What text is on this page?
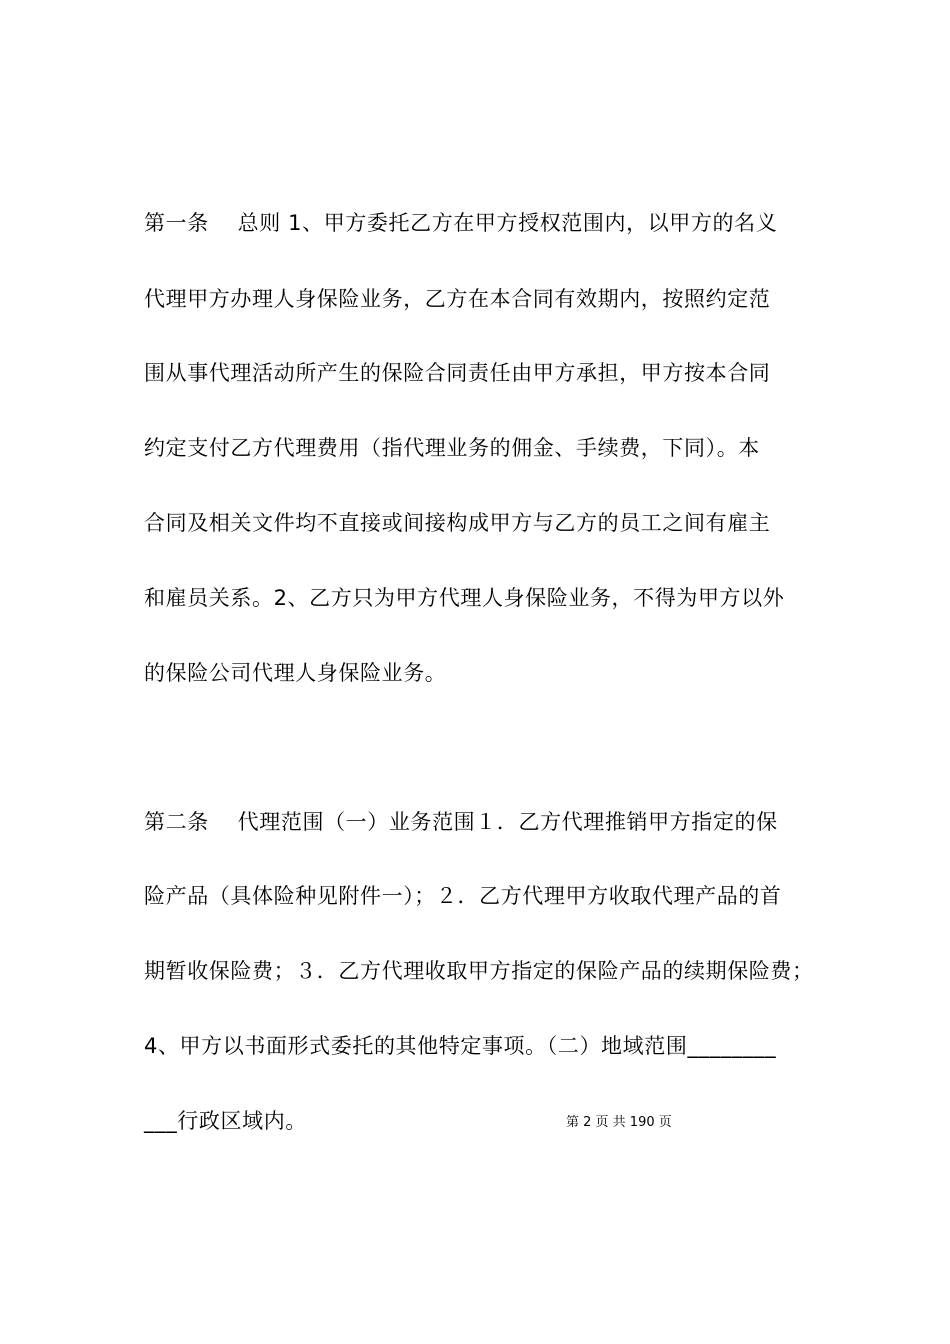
第一条　 总则 1、甲方委托乙方在甲方授权范围内，以甲方的名义
代理甲方办理人身保险业务，乙方在本合同有效期内，按照约定范
围从事代理活动所产生的保险合同责任由甲方承担，甲方按本合同
约定支付乙方代理费用（指代理业务的佣金、手续费，下同）。本
合同及相关文件均不直接或间接构成甲方与乙方的员工之间有雇主
和雇员关系。2、乙方只为甲方代理人身保险业务，不得为甲方以外
的保险公司代理人身保险业务。
第二条　 代理范围（一）业务范围１．乙方代理推销甲方指定的保
险产品（具体险种见附件一）；２．乙方代理甲方收取代理产品的首
期暂收保险费；３．乙方代理收取甲方指定的保险产品的续期保险费；
4、甲方以书面形式委托的其他特定事项。（二）地域范围________
___行政区域内。	第 2 页 共 190 页
